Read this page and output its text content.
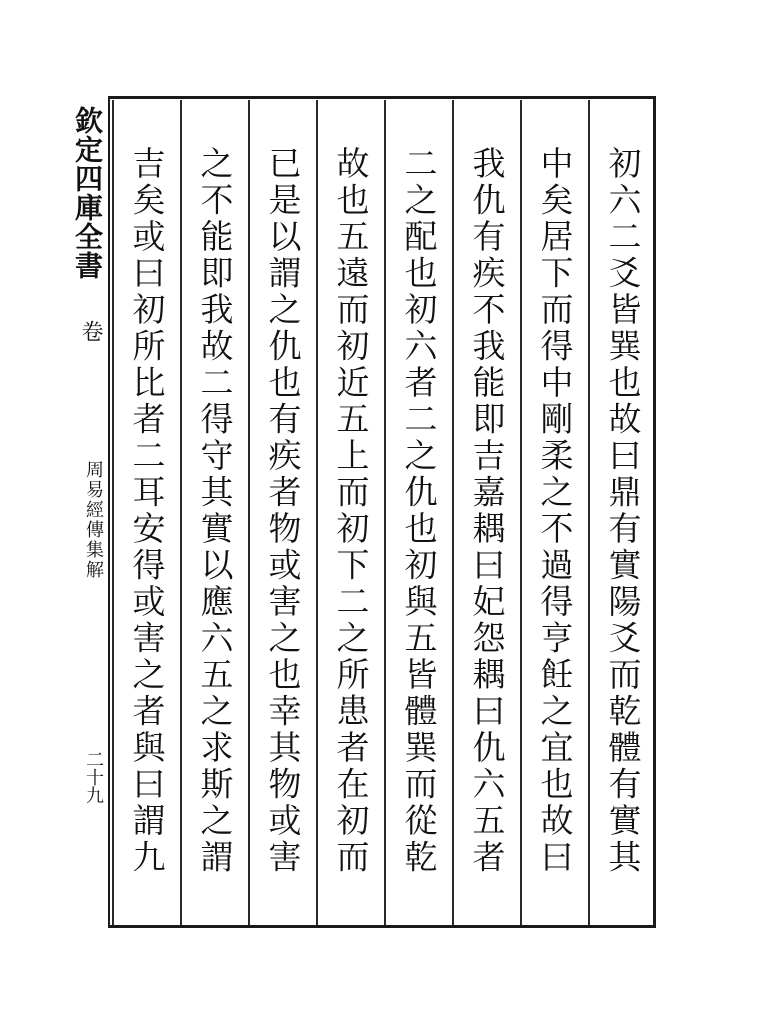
欽定四庫全書
卷
周易經傳集解
二十九	初六二爻皆巽也故曰鼎有實陽爻而乾體有實其
中矣居下而得中剛柔之不過得亨飪之宜也故曰
我仇有疾不我能即吉嘉耦曰妃怨耦曰仇六五者
二之配也初六者二之仇也初與五皆體巽而從乾
故也五遠而初近五上而初下二之所患者在初而
已是以謂之仇也有疾者物或害之也幸其物或害
之不能即我故二得守其實以應六五之求斯之謂
吉矣或曰初所比者二耳安得或害之者與曰謂九
